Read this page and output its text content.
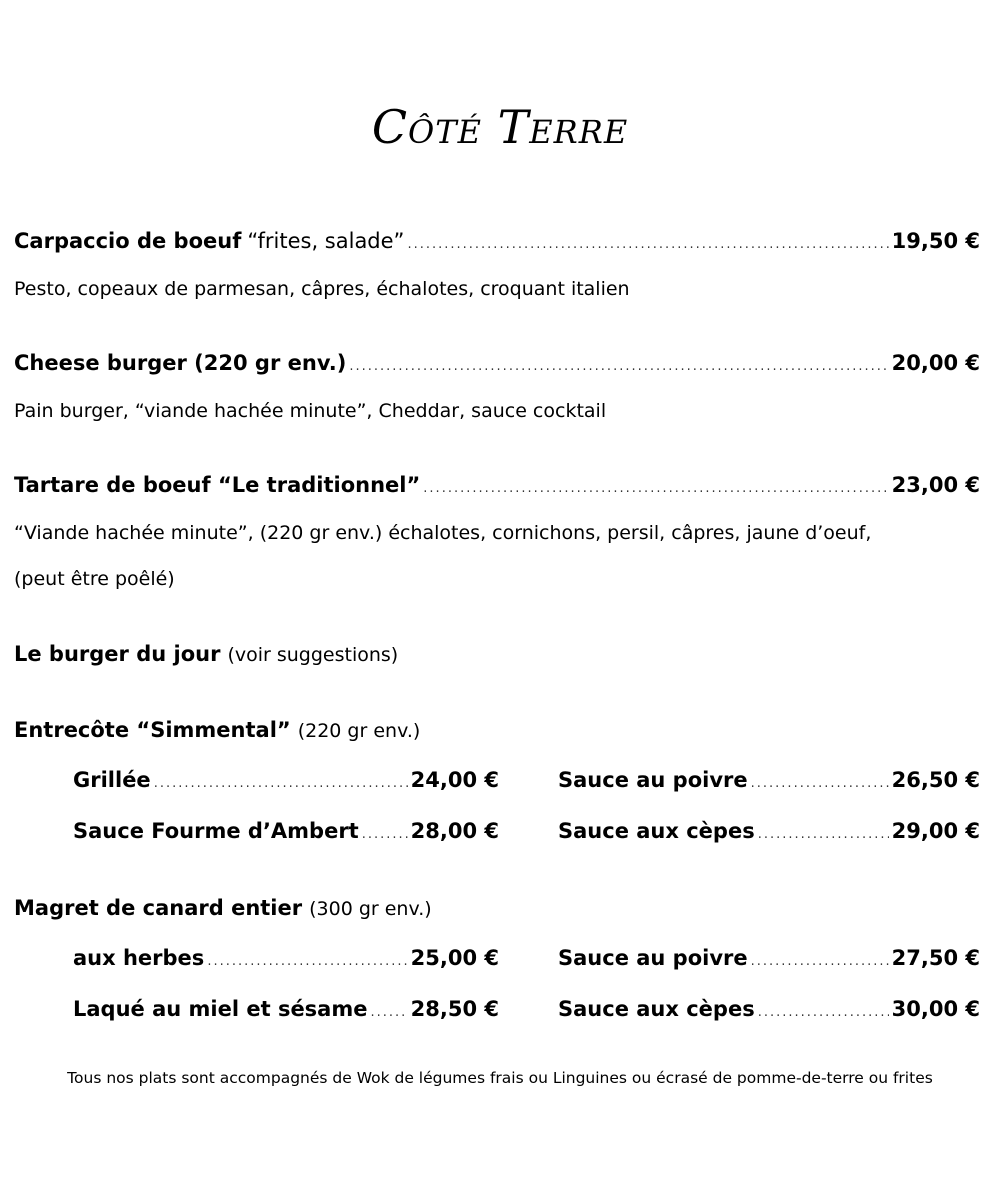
Côté Terre
Carpaccio de boeuf “frites, salade” .....	19,50 €
Pesto, copeaux de parmesan, câpres, échalotes, croquant italien
Cheese burger (220 gr env.) .....	20,00 €
Pain burger, “viande hachée minute”, Cheddar, sauce cocktail
Tartare de boeuf “Le traditionnel” .....	23,00 €
“Viande hachée minute”, (220 gr env.) échalotes, cornichons, persil, câpres, jaune d’oeuf,
(peut être poêlé)
Le burger du jour (voir suggestions)
Entrecôte “Simmental” (220 gr env.)
Grillée .....	24,00 €	Sauce au poivre .....	26,50 €
Sauce Fourme d’Ambert ..... 28,00 €	Sauce aux cèpes .....	29,00 €
Magret de canard entier (300 gr env.)
aux herbes .....	25,00 €	Sauce au poivre .....	27,50 €
Laqué au miel et sésame ..... 28,50 €	Sauce aux cèpes .....	30,00 €
Tous nos plats sont accompagnés de Wok de légumes frais ou Linguines ou écrasé de pomme-de-terre ou frites
